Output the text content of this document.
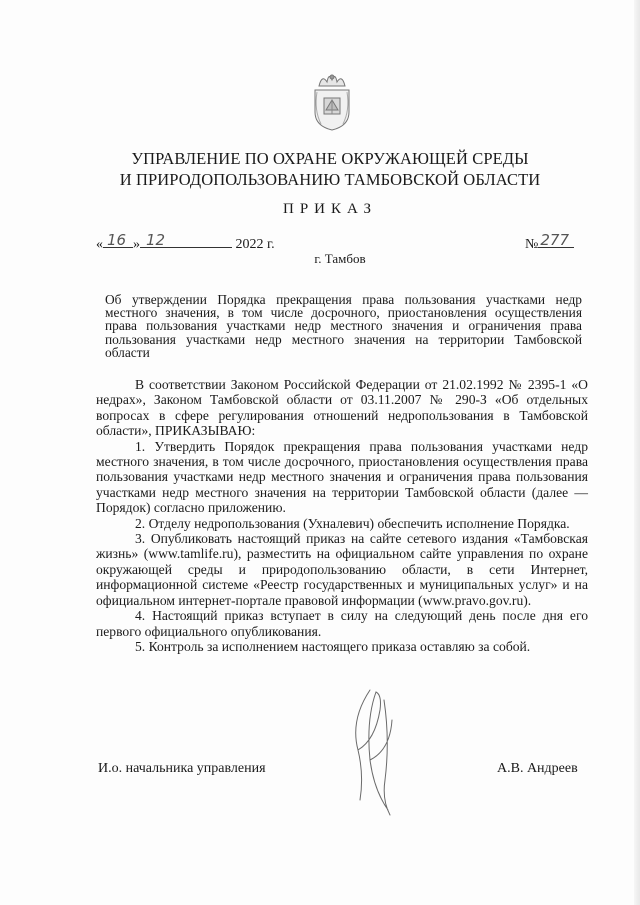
УПРАВЛЕНИЕ ПО ОХРАНЕ ОКРУЖАЮЩЕЙ СРЕДЫ
И ПРИРОДОПОЛЬЗОВАНИЮ ТАМБОВСКОЙ ОБЛАСТИ
ПРИКАЗ
« 16 » 12	2022 г.	№ 277
г. Тамбов
Об утверждении Порядка прекращения права пользования участками недр местного значения, в том числе досрочного, приостановления осуществления права пользования участками недр местного значения и ограничения права пользования участками недр местного значения на территории Тамбовской области

В соответствии Законом Российской Федерации от 21.02.1992 № 2395-1 «О недрах», Законом Тамбовской области от 03.11.2007 № 290-З «Об отдельных вопросах в сфере регулирования отношений недропользования в Тамбовской области», ПРИКАЗЫВАЮ:

1. Утвердить Порядок прекращения права пользования участками недр местного значения, в том числе досрочного, приостановления осуществления права пользования участками недр местного значения и ограничения права пользования участками недр местного значения на территории Тамбовской области (далее — Порядок) согласно приложению.

2. Отделу недропользования (Ухналевич) обеспечить исполнение Порядка.

3. Опубликовать настоящий приказ на сайте сетевого издания «Тамбовская жизнь» (www.tamlife.ru), разместить на официальном сайте управления по охране окружающей среды и природопользованию области, в сети Интернет, информационной системе «Реестр государственных и муниципальных услуг» и на официальном интернет-портале правовой информации (www.pravo.gov.ru).

4. Настоящий приказ вступает в силу на следующий день после дня его первого официального опубликования.

5. Контроль за исполнением настоящего приказа оставляю за собой.

И.о. начальника управления	А.В. Андреев
